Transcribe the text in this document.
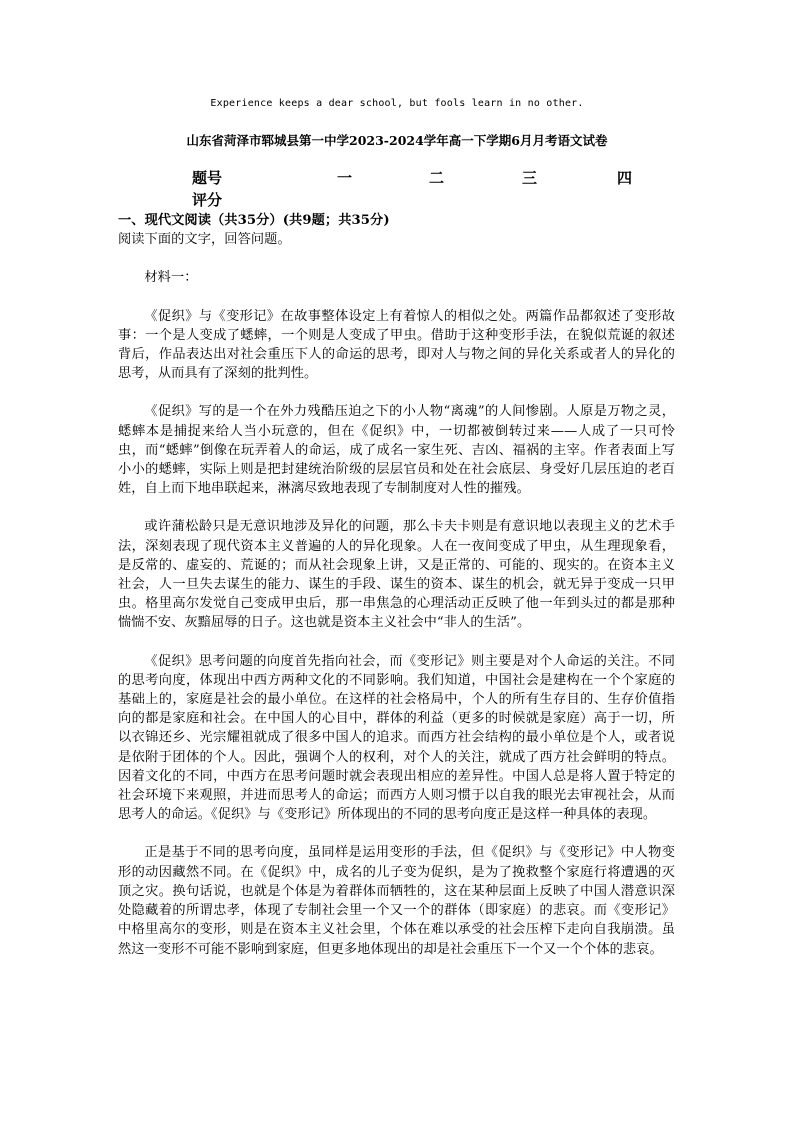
Experience keeps a dear school, but fools learn in no other.
山东省菏泽市郓城县第一中学2023-2024学年高一下学期6月月考语文试卷
题号	一	二	三	四
评分

一、现代文阅读（共35分）(共9题；共35分)

阅读下面的文字，回答问题。

材料一：

《促织》与《变形记》在故事整体设定上有着惊人的相似之处。两篇作品都叙述了变形故事：一个是人变成了蟋蟀，一个则是人变成了甲虫。借助于这种变形手法，在貌似荒诞的叙述背后，作品表达出对社会重压下人的命运的思考，即对人与物之间的异化关系或者人的异化的思考，从而具有了深刻的批判性。

《促织》写的是一个在外力残酷压迫之下的小人物“离魂”的人间惨剧。人原是万物之灵，蟋蟀本是捕捉来给人当小玩意的，但在《促织》中，一切都被倒转过来——人成了一只可怜虫，而“蟋蟀”倒像在玩弄着人的命运，成了成名一家生死、吉凶、福祸的主宰。作者表面上写小小的蟋蟀，实际上则是把封建统治阶级的层层官员和处在社会底层、身受好几层压迫的老百姓，自上而下地串联起来，淋漓尽致地表现了专制制度对人性的摧残。

或许蒲松龄只是无意识地涉及异化的问题，那么卡夫卡则是有意识地以表现主义的艺术手法，深刻表现了现代资本主义普遍的人的异化现象。人在一夜间变成了甲虫，从生理现象看，是反常的、虚妄的、荒诞的；而从社会现象上讲，又是正常的、可能的、现实的。在资本主义社会，人一旦失去谋生的能力、谋生的手段、谋生的资本、谋生的机会，就无异于变成一只甲虫。格里高尔发觉自己变成甲虫后，那一串焦急的心理活动正反映了他一年到头过的都是那种惴惴不安、灰黯屈辱的日子。这也就是资本主义社会中“非人的生活”。

《促织》思考问题的向度首先指向社会，而《变形记》则主要是对个人命运的关注。不同的思考向度，体现出中西方两种文化的不同影响。我们知道，中国社会是建构在一个个家庭的基础上的，家庭是社会的最小单位。在这样的社会格局中，个人的所有生存目的、生存价值指向的都是家庭和社会。在中国人的心目中，群体的利益（更多的时候就是家庭）高于一切，所以衣锦还乡、光宗耀祖就成了很多中国人的追求。而西方社会结构的最小单位是个人，或者说是依附于团体的个人。因此，强调个人的权利，对个人的关注，就成了西方社会鲜明的特点。因着文化的不同，中西方在思考问题时就会表现出相应的差异性。中国人总是将人置于特定的社会环境下来观照，并进而思考人的命运；而西方人则习惯于以自我的眼光去审视社会，从而思考人的命运。《促织》与《变形记》所体现出的不同的思考向度正是这样一种具体的表现。

正是基于不同的思考向度，虽同样是运用变形的手法，但《促织》与《变形记》中人物变形的动因藏然不同。在《促织》中，成名的儿子变为促织，是为了挽救整个家庭行将遭遇的灭顶之灾。换句话说，也就是个体是为着群体而牺牲的，这在某种层面上反映了中国人潜意识深处隐藏着的所谓忠孝，体现了专制社会里一个又一个的群体（即家庭）的悲哀。而《变形记》中格里高尔的变形，则是在资本主义社会里，个体在难以承受的社会压榨下走向自我崩溃。虽然这一变形不可能不影响到家庭，但更多地体现出的却是社会重压下一个又一个个体的悲哀。
